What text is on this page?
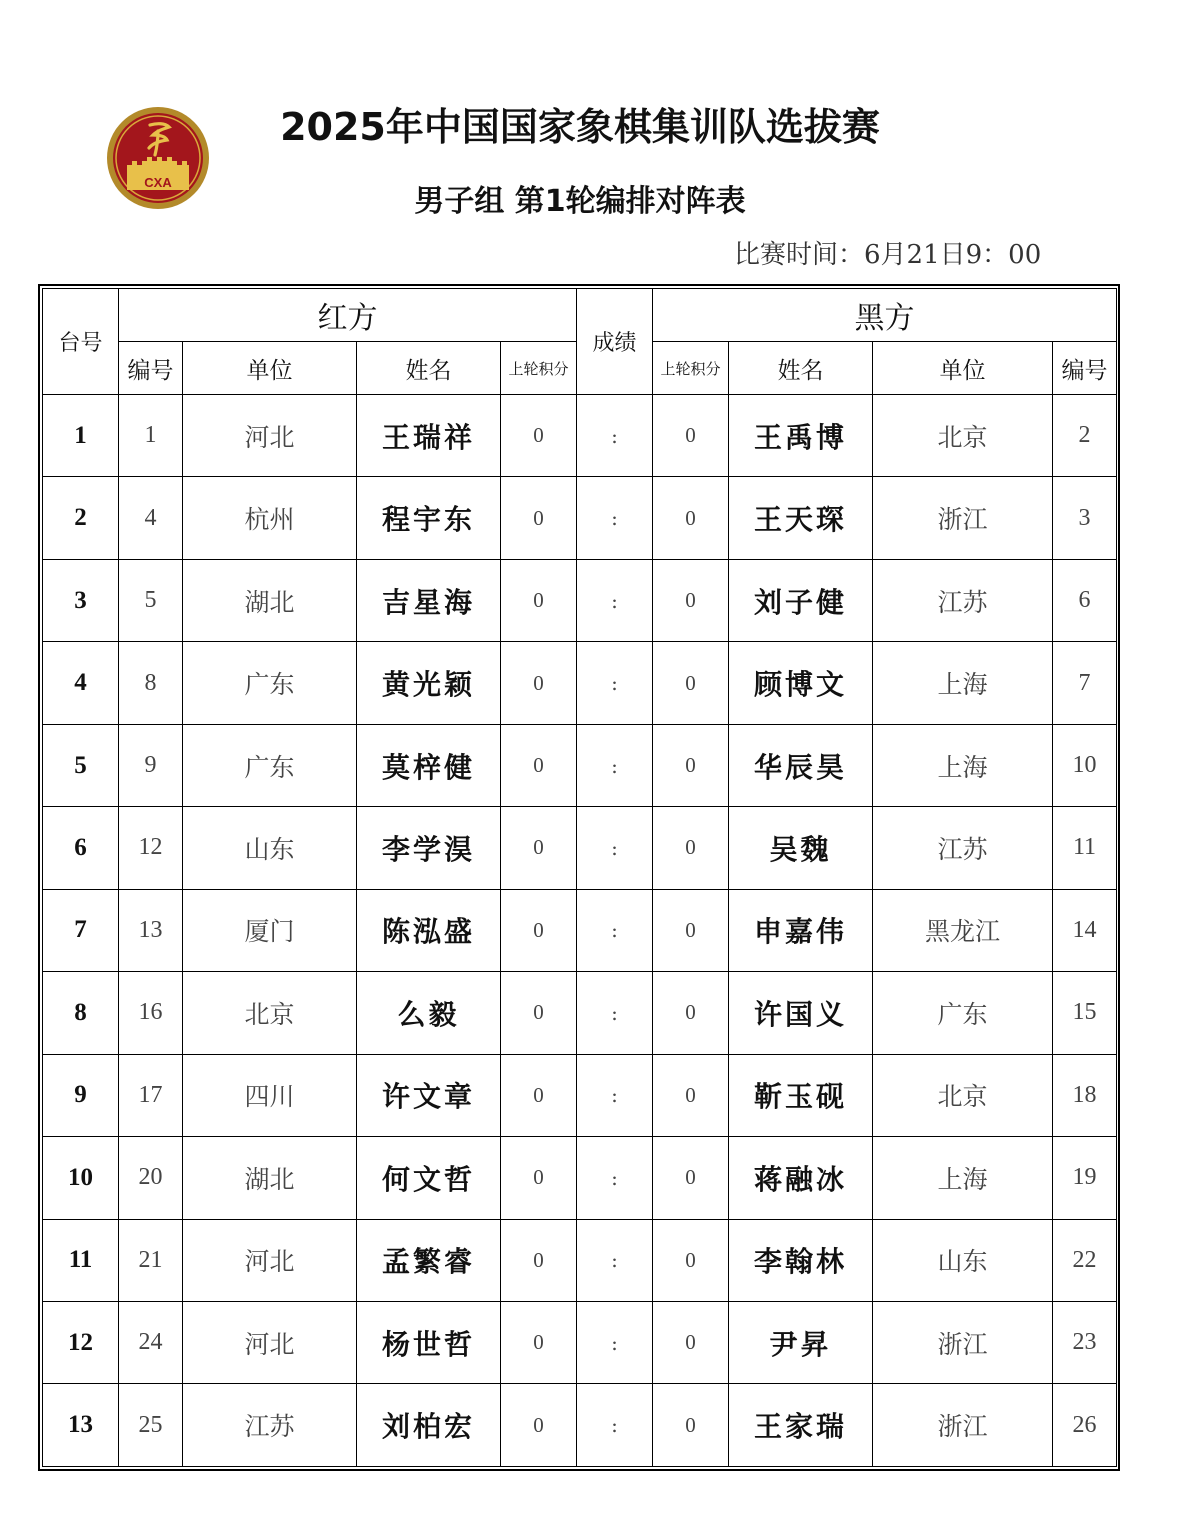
CXA
2025年中国国家象棋集训队选拔赛
男子组 第1轮编排对阵表
比赛时间：6月21日9：00
台号	红方				成绩	黑方			
	编号	单位	姓名	上轮积分		上轮积分	姓名	单位	编号
1	1	河北	王瑞祥	0	:	0	王禹博	北京	2
2	4	杭州	程宇东	0	:	0	王天琛	浙江	3
3	5	湖北	吉星海	0	:	0	刘子健	江苏	6
4	8	广东	黄光颖	0	:	0	顾博文	上海	7
5	9	广东	莫梓健	0	:	0	华辰昊	上海	10
6	12	山东	李学淏	0	:	0	吴魏	江苏	11
7	13	厦门	陈泓盛	0	:	0	申嘉伟	黑龙江	14
8	16	北京	么毅	0	:	0	许国义	广东	15
9	17	四川	许文章	0	:	0	靳玉砚	北京	18
10	20	湖北	何文哲	0	:	0	蒋融冰	上海	19
11	21	河北	孟繁睿	0	:	0	李翰林	山东	22
12	24	河北	杨世哲	0	:	0	尹昇	浙江	23
13	25	江苏	刘柏宏	0	:	0	王家瑞	浙江	26
